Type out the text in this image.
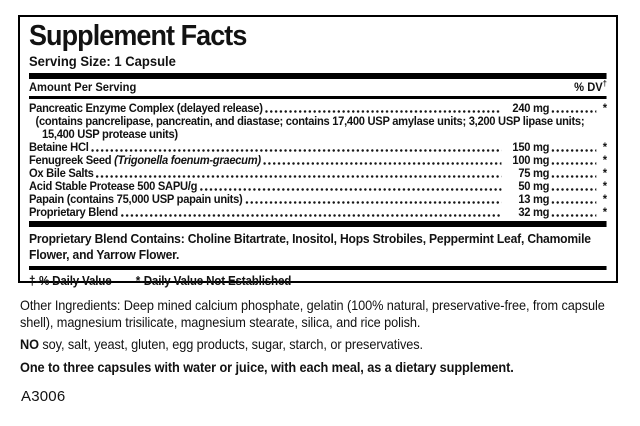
Supplement Facts
Serving Size: 1 Capsule
Amount Per Serving	% DV†
Pancreatic Enzyme Complex (delayed release)	240 mg	*
(contains pancrelipase, pancreatin, and diastase; contains 17,400 USP amylase units; 3,200 USP lipase units; 15,400 USP protease units)
Betaine HCl	150 mg	*
Fenugreek Seed (Trigonella foenum-graecum)	100 mg	*
Ox Bile Salts	75 mg	*
Acid Stable Protease 500 SAPU/g	50 mg	*
Papain (contains 75,000 USP papain units)	13 mg	*
Proprietary Blend	32 mg	*
Proprietary Blend Contains: Choline Bitartrate, Inositol, Hops Strobiles, Peppermint Leaf, Chamomile Flower, and Yarrow Flower.
†-% Daily Value *-Daily Value Not Established

Other Ingredients: Deep mined calcium phosphate, gelatin (100% natural, preservative-free, from capsule shell), magnesium trisilicate, magnesium stearate, silica, and rice polish.

NO soy, salt, yeast, gluten, egg products, sugar, starch, or preservatives.

One to three capsules with water or juice, with each meal, as a dietary supplement.

A3006
